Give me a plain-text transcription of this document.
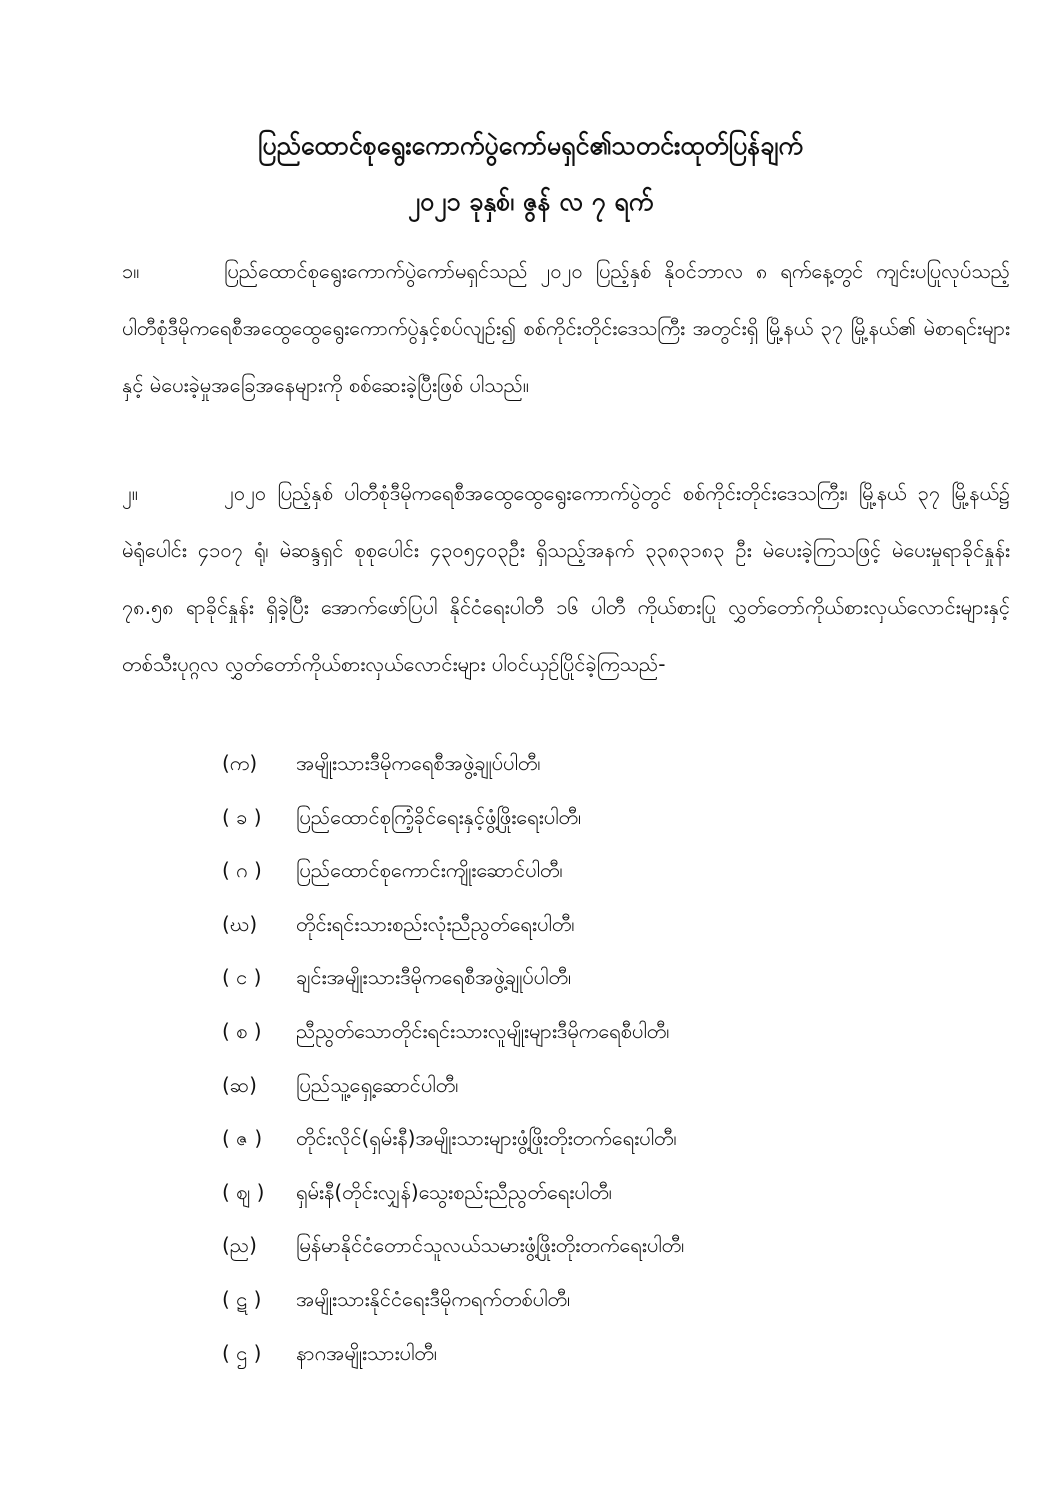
ပြည်ထောင်စုရွေးကောက်ပွဲကော်မရှင်၏သတင်းထုတ်ပြန်ချက်

၂၀၂၁ ခုနှစ်၊ ဇွန် လ ၇ ရက်

၁။	ပြည်ထောင်စုရွေးကောက်ပွဲကော်မရှင်သည် ၂၀၂၀ ပြည့်နှစ် နိုဝင်ဘာလ ၈ ရက်နေ့တွင် ကျင်းပပြုလုပ်သည့် ပါတီစုံဒီမိုကရေစီအထွေထွေရွေးကောက်ပွဲနှင့်စပ်လျဉ်း၍ စစ်ကိုင်းတိုင်းဒေသကြီး အတွင်းရှိ မြို့နယ် ၃၇ မြို့နယ်၏ မဲစာရင်းများနှင့် မဲပေးခဲ့မှုအခြေအနေများကို စစ်ဆေးခဲ့ပြီးဖြစ် ပါသည်။

၂။	၂၀၂၀ ပြည့်နှစ် ပါတီစုံဒီမိုကရေစီအထွေထွေရွေးကောက်ပွဲတွင် စစ်ကိုင်းတိုင်းဒေသကြီး၊ မြို့နယ် ၃၇ မြို့နယ်၌ မဲရုံပေါင်း ၄၁၀၇ ရုံ၊ မဲဆန္ဒရှင် စုစုပေါင်း ၄၃၀၅၄၀၃ဦး ရှိသည့်အနက် ၃၃၈၃၁၈၃ ဦး မဲပေးခဲ့ကြသဖြင့် မဲပေးမှုရာခိုင်နှုန်း ၇၈.၅၈ ရာခိုင်နှုန်း ရှိခဲ့ပြီး အောက်ဖော်ပြပါ နိုင်ငံရေးပါတီ ၁၆ ပါတီ ကိုယ်စားပြု လွှတ်တော်ကိုယ်စားလှယ်လောင်းများနှင့် တစ်သီးပုဂ္ဂလ လွှတ်တော်ကိုယ်စားလှယ်လောင်းများ ပါဝင်ယှဉ်ပြိုင်ခဲ့ကြသည်-

(က) အမျိုးသားဒီမိုကရေစီအဖွဲ့ချုပ်ပါတီ၊
( ခ ) ပြည်ထောင်စုကြံ့ခိုင်ရေးနှင့်ဖွံ့ဖြိုးရေးပါတီ၊
( ဂ ) ပြည်ထောင်စုကောင်းကျိုးဆောင်ပါတီ၊
(ဃ) တိုင်းရင်းသားစည်းလုံးညီညွတ်ရေးပါတီ၊
( င ) ချင်းအမျိုးသားဒီမိုကရေစီအဖွဲ့ချုပ်ပါတီ၊
( စ ) ညီညွတ်သောတိုင်းရင်းသားလူမျိုးများဒီမိုကရေစီပါတီ၊
(ဆ) ပြည်သူ့ရှေ့ဆောင်ပါတီ၊
( ဇ ) တိုင်းလိုင်(ရှမ်းနီ)အမျိုးသားများဖွံ့ဖြိုးတိုးတက်ရေးပါတီ၊
( ဈ ) ရှမ်းနီ(တိုင်းလျှန်)သွေးစည်းညီညွတ်ရေးပါတီ၊
(ည) မြန်မာနိုင်ငံတောင်သူလယ်သမားဖွံ့ဖြိုးတိုးတက်ရေးပါတီ၊
( ဋ ) အမျိုးသားနိုင်ငံရေးဒီမိုကရက်တစ်ပါတီ၊
( ဌ ) နာဂအမျိုးသားပါတီ၊
